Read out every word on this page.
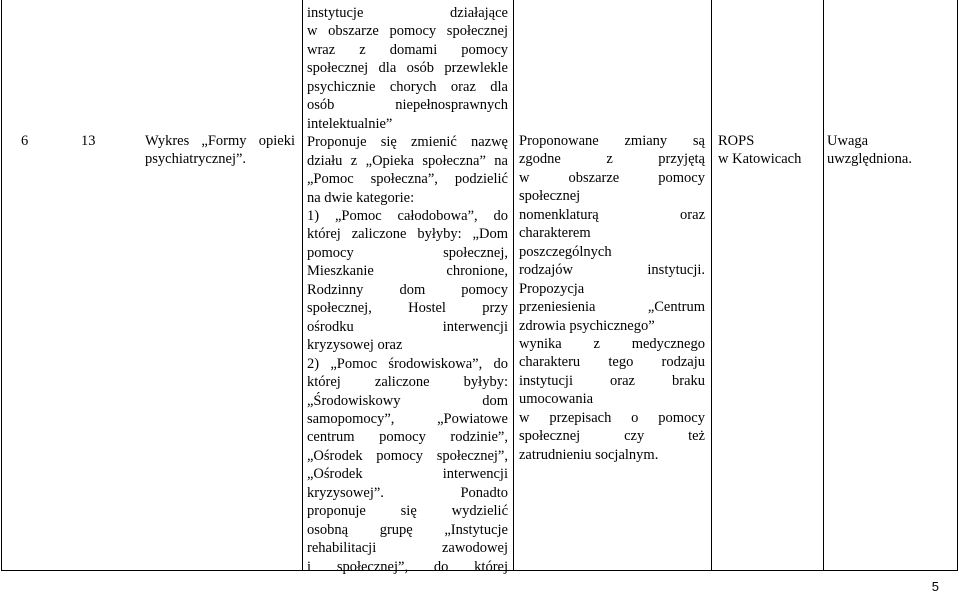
6	13	Wykres „Formy opieki
psychiatrycznej”.
instytucje działające
w obszarze pomocy społecznej
wraz z domami pomocy
społecznej dla osób przewlekle
psychicznie chorych oraz dla
osób niepełnosprawnych
intelektualnie”
Proponuje się zmienić nazwę
działu z „Opieka społeczna” na
„Pomoc społeczna”, podzielić
na dwie kategorie:
1) „Pomoc całodobowa”, do
której zaliczone byłyby: „Dom
pomocy społecznej,
Mieszkanie chronione,
Rodzinny dom pomocy
społecznej, Hostel przy
ośrodku interwencji
kryzysowej oraz
2) „Pomoc środowiskowa”, do
której zaliczone byłyby:
„Środowiskowy dom
samopomocy”, „Powiatowe
centrum pomocy rodzinie”,
„Ośrodek pomocy społecznej”,
„Ośrodek interwencji
kryzysowej”. Ponadto
proponuje się wydzielić
osobną grupę „Instytucje
rehabilitacji zawodowej
i społecznej”, do której
Proponowane zmiany są
zgodne z przyjętą
w obszarze pomocy
społecznej
nomenklaturą oraz
charakterem
poszczególnych
rodzajów instytucji.
Propozycja
przeniesienia „Centrum
zdrowia psychicznego”
wynika z medycznego
charakteru tego rodzaju
instytucji oraz braku
umocowania
w przepisach o pomocy
społecznej czy też
zatrudnieniu socjalnym.
ROPS
w Katowicach
Uwaga
uwzględniona.
5
